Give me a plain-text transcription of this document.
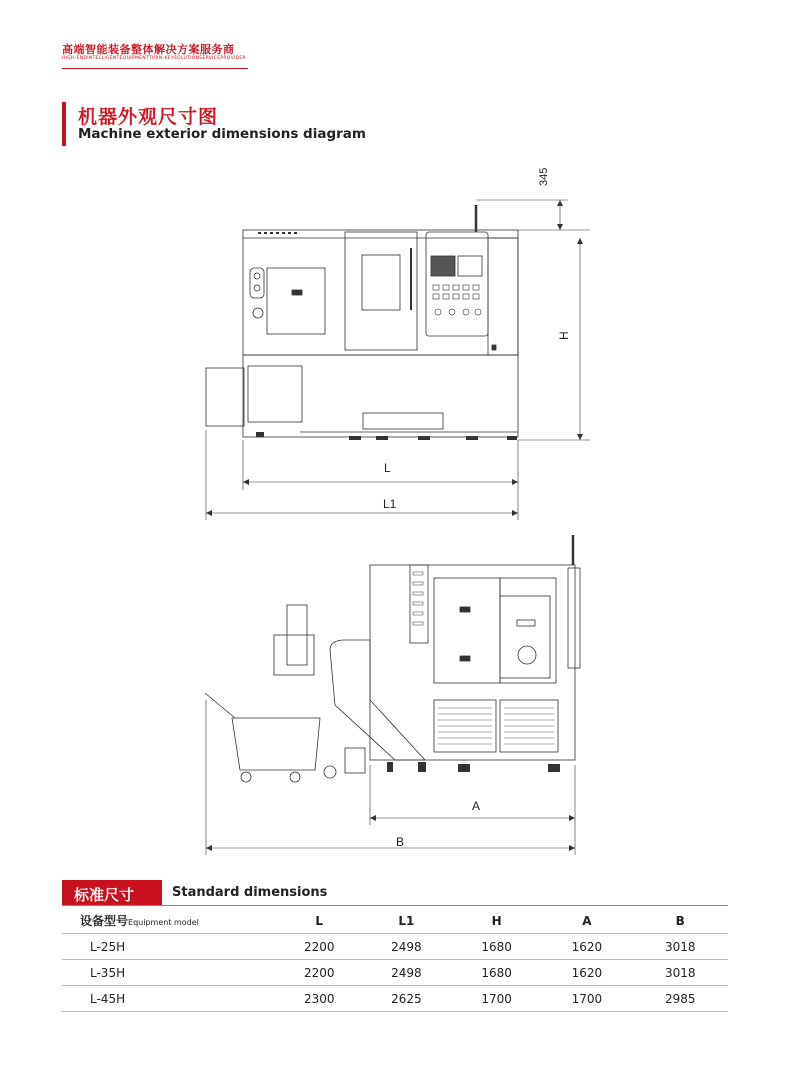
高端智能装备整体解决方案服务商
HIGH-ENDINTELLIGENTEQUIPMENTTURN-KEYSOLUTIONSERVICEPROVIDER
机器外观尺寸图
Machine exterior dimensions diagram
345
H
L
L1
A
B
标准尺寸	Standard dimensions
设备型号Equipment model	L	L1	H	A	B
L-25H	2200	2498	1680	1620	3018
L-35H	2200	2498	1680	1620	3018
L-45H	2300	2625	1700	1700	2985
